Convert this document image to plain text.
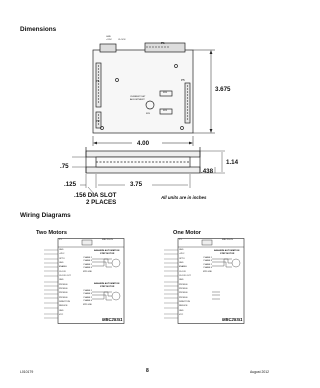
Dimensions
Wiring Diagrams
GND
+VDC	CLOCK
P1
P1	P5
P2
CURRENT SET
ADJUSTMENT
R26
R25
R23
3.675
4.00
1.14
.75
.438
.125	3.75
.156 DIA SLOT
2 PLACES
All units are in inches
Two Motors	One Motor
P1	MBC25I-IN
ANAHEIM AUTOMATION
STEP MOTOR
ANAHEIM AUTOMATION
STEP MOTOR
GND
+VDC
OPTO
GND
ENABLE
CLOCK
CLOCK OUT
GND
PROFILE
PROFILE
PROFILE
PROFILE
DIRECTION
REDUCE
GND
VCC
PHASE 1
PHASE 3
PHASE 2
PHASE 4
NTR GND
PHASE 1
PHASE 3
PHASE 2
PHASE 4
NTR GND
MBC25SI1
P1	MBC25I-IN
ANAHEIM AUTOMATION
STEP MOTOR
GND
+VDC
OPTO
GND
ENABLE
CLOCK
CLOCK OUT
GND
PROFILE
PROFILE
PROFILE
PROFILE
DIRECTION
REDUCE
GND
VCC
PHASE 1
PHASE 3
PHASE 2
PHASE 4
NTR GND
MBC25SI1
L010179	8	August 2012
